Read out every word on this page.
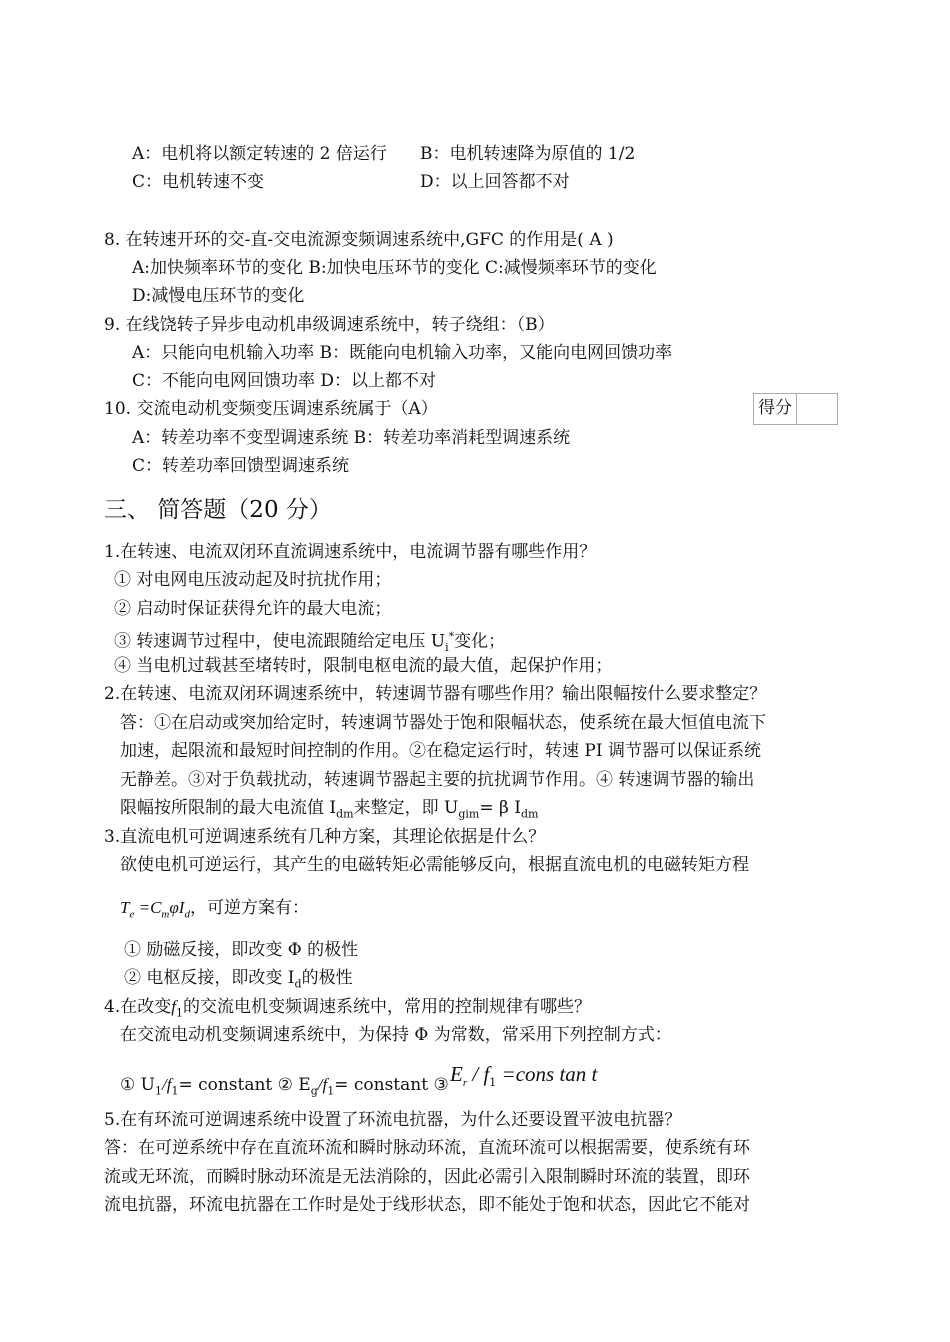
A：电机将以额定转速的 2 倍运行 B：电机转速降为原值的 1/2
C：电机转速不变	D：以上回答都不对
8. 在转速开环的交-直-交电流源变频调速系统中,GFC 的作用是( A )
A:加快频率环节的变化 B:加快电压环节的变化 C:减慢频率环节的变化
D:减慢电压环节的变化
9. 在线饶转子异步电动机串级调速系统中，转子绕组：（B）
A：只能向电机输入功率 B：既能向电机输入功率，又能向电网回馈功率
C：不能向电网回馈功率 D：以上都不对
10. 交流电动机变频变压调速系统属于（A）
A：转差功率不变型调速系统 B：转差功率消耗型调速系统
C：转差功率回馈型调速系统
得分
三、 简答题（20 分）
1.在转速、电流双闭环直流调速系统中，电流调节器有哪些作用？
① 对电网电压波动起及时抗扰作用；
② 启动时保证获得允许的最大电流；
③ 转速调节过程中，使电流跟随给定电压 $U_i^*$变化；
④ 当电机过载甚至堵转时，限制电枢电流的最大值，起保护作用；
2.在转速、电流双闭环调速系统中，转速调节器有哪些作用？输出限幅按什么要求整定？
答：①在启动或突加给定时，转速调节器处于饱和限幅状态，使系统在最大恒值电流下
加速，起限流和最短时间控制的作用。②在稳定运行时，转速 PI 调节器可以保证系统
无静差。③对于负载扰动，转速调节器起主要的抗扰调节作用。④ 转速调节器的输出
限幅按所限制的最大电流值 $I_{dm}$来整定，即 $U_{gim}= \beta$ $I_{dm}$
3.直流电机可逆调速系统有几种方案，其理论依据是什么？
欲使电机可逆运行，其产生的电磁转矩必需能够反向，根据直流电机的电磁转矩方程
$T_e =C_m\varphi I_d$，可逆方案有：
① 励磁反接，即改变 Φ 的极性
② 电枢反接，即改变 $I_d$的极性
4.在改变$f_1$的交流电机变频调速系统中，常用的控制规律有哪些？
在交流电动机变频调速系统中，为保持 Φ 为常数，常采用下列控制方式：
① $U_1/f_1=$ constant ② $E_g/f_1=$ constant ③ $E_r / f_1$ =cons tan t
5.在有环流可逆调速系统中设置了环流电抗器，为什么还要设置平波电抗器？
答：在可逆系统中存在直流环流和瞬时脉动环流，直流环流可以根据需要，使系统有环
流或无环流，而瞬时脉动环流是无法消除的，因此必需引入限制瞬时环流的装置，即环
流电抗器，环流电抗器在工作时是处于线形状态，即不能处于饱和状态，因此它不能对
